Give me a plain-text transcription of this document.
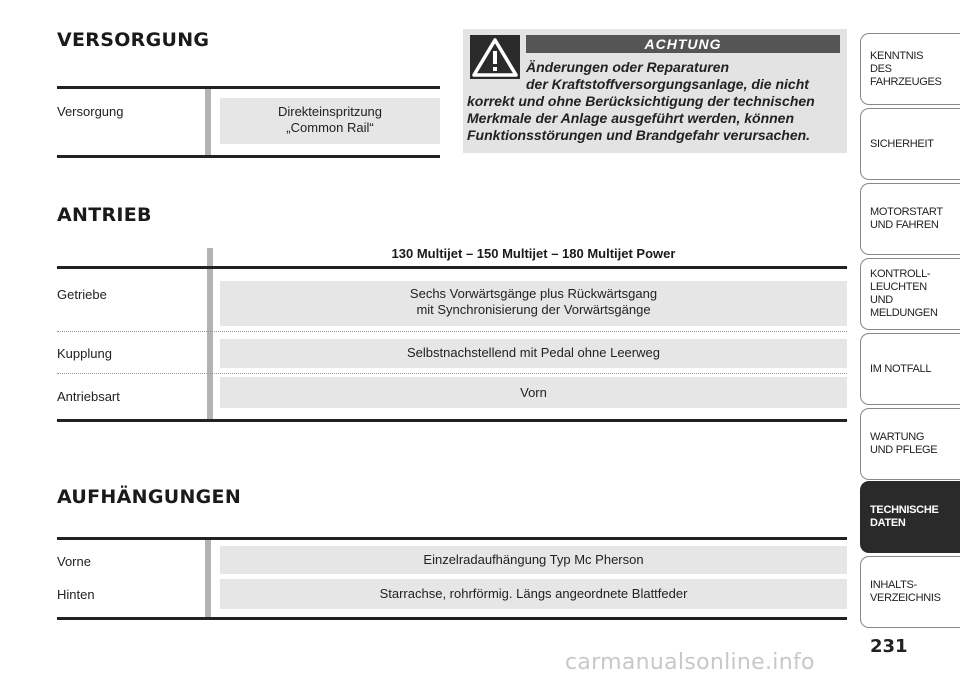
VERSORGUNG
Versorgung	Direkteinspritzung
„Common Rail“
ACHTUNG
Änderungen oder Reparaturen
der Kraftstoffversorgungsanlage, die nicht
korrekt und ohne Berücksichtigung der technischen
Merkmale der Anlage ausgeführt werden, können
Funktionsstörungen und Brandgefahr verursachen.
ANTRIEB
130 Multijet – 150 Multijet – 180 Multijet Power
Getriebe	Sechs Vorwärtsgänge plus Rückwärtsgang
mit Synchronisierung der Vorwärtsgänge
Kupplung	Selbstnachstellend mit Pedal ohne Leerweg
Antriebsart	Vorn
AUFHÄNGUNGEN
Vorne	Einzelradaufhängung Typ Mc Pherson
Hinten	Starrachse, rohrförmig. Längs angeordnete Blattfeder
KENNTNIS
DES FAHRZEUGES
SICHERHEIT
MOTORSTART
UND FAHREN
KONTROLL-
LEUCHTEN
UND MELDUNGEN
IM NOTFALL
WARTUNG
UND PFLEGE
TECHNISCHE
DATEN
INHALTS-
VERZEICHNIS
231
carmanualsonline.info
